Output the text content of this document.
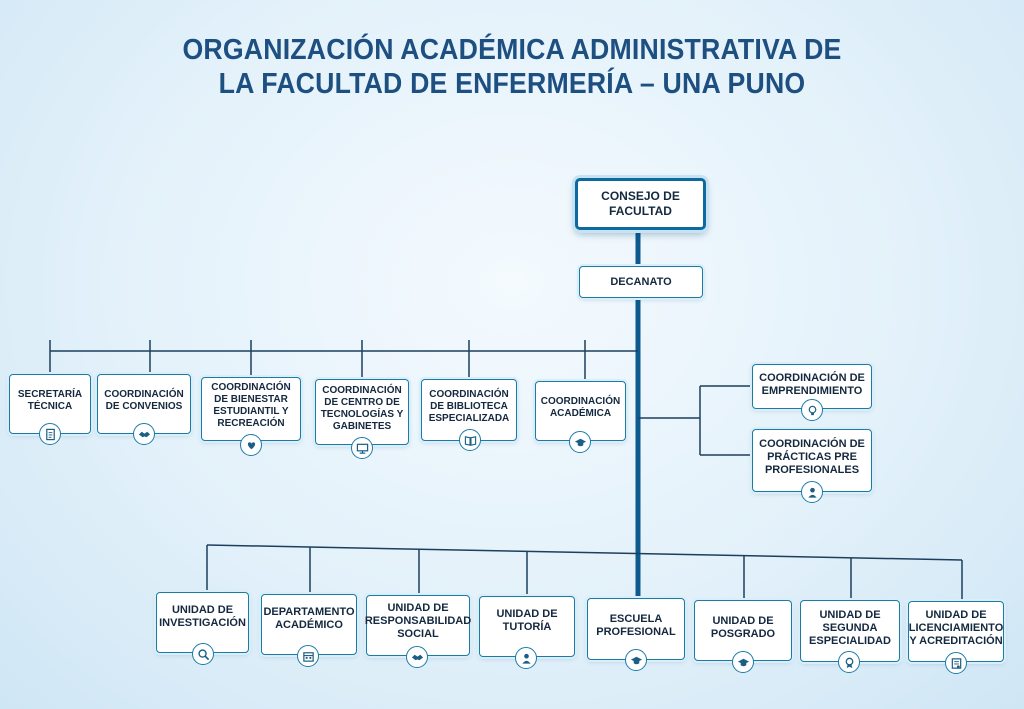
ORGANIZACIÓN ACADÉMICA ADMINISTRATIVA DE
LA FACULTAD DE ENFERMERÍA – UNA PUNO
CONSEJO DE FACULTAD
DECANATO
SECRETARÍA TÉCNICA
COORDINACIÓN DE CONVENIOS
COORDINACIÓN DE BIENESTAR ESTUDIANTIL Y RECREACIÓN
COORDINACIÓN DE CENTRO DE TECNOLOGÍAS Y GABINETES
COORDINACIÓN DE BIBLIOTECA ESPECIALIZADA
COORDINACIÓN ACADÉMICA
COORDINACIÓN DE EMPRENDIMIENTO
COORDINACIÓN DE PRÁCTICAS PRE PROFESIONALES
UNIDAD DE INVESTIGACIÓN
DEPARTAMENTO ACADÉMICO
UNIDAD DE RESPONSABILIDAD SOCIAL
UNIDAD DE TUTORÍA
ESCUELA PROFESIONAL
UNIDAD DE POSGRADO
UNIDAD DE SEGUNDA ESPECIALIDAD
UNIDAD DE LICENCIAMIENTO Y ACREDITACIÓN
